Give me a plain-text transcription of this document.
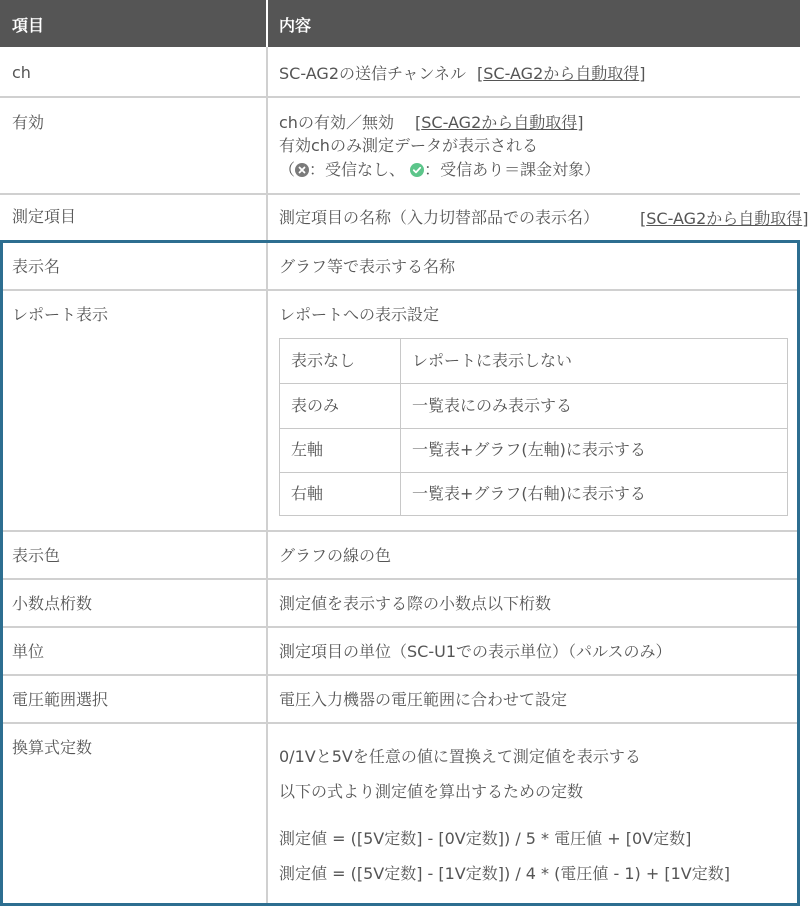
項目	内容
ch	SC-AG2の送信チャンネル [SC-AG2から自動取得]
有効	chの有効／無効 [SC-AG2から自動取得]
有効chのみ測定データが表示される
（ ：受信なし、 ：受信あり＝課金対象）
測定項目	測定項目の名称（入力切替部品での表示名）	[SC-AG2から自動取得]
表示名	グラフ等で表示する名称
レポート表示	レポートへの表示設定
表示なし	レポートに表示しない
表のみ	一覧表にのみ表示する
左軸	一覧表+グラフ(左軸)に表示する
右軸	一覧表+グラフ(右軸)に表示する
表示色	グラフの線の色
小数点桁数	測定値を表示する際の小数点以下桁数
単位	測定項目の単位（SC-U1での表示単位）（パルスのみ）
電圧範囲選択	電圧入力機器の電圧範囲に合わせて設定
換算式定数	0/1Vと5Vを任意の値に置換えて測定値を表示する
以下の式より測定値を算出するための定数
測定値 = ([5V定数] - [0V定数]) / 5 * 電圧値 + [0V定数]
測定値 = ([5V定数] - [1V定数]) / 4 * (電圧値 - 1) + [1V定数]
